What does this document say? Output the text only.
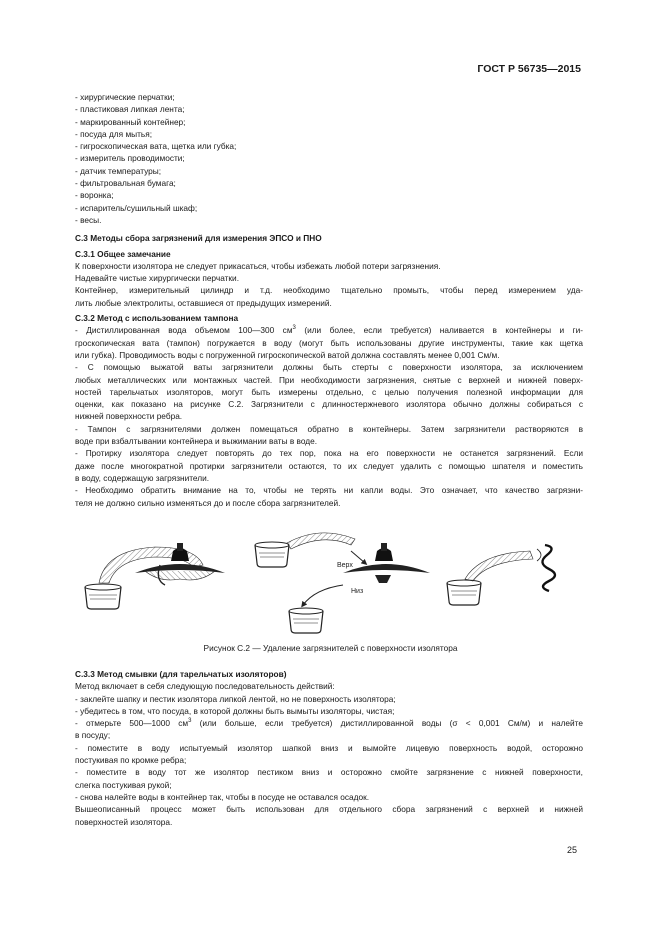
ГОСТ Р 56735—2015
- хирургические перчатки;
- пластиковая липкая лента;
- маркированный контейнер;
- посуда для мытья;
- гигроскопическая вата, щетка или губка;
- измеритель проводимости;
- датчик температуры;
- фильтровальная бумага;
- воронка;
- испаритель/сушильный шкаф;
- весы.
С.3 Методы сбора загрязнений для измерения ЭПСО и ПНО
С.3.1 Общее замечание
К поверхности изолятора не следует прикасаться, чтобы избежать любой потери загрязнения.
Надевайте чистые хирургически перчатки.
Контейнер, измерительный цилиндр и т.д. необходимо тщательно промыть, чтобы перед измерением уда-
лить любые электролиты, оставшиеся от предыдущих измерений.
С.3.2 Метод с использованием тампона
- Дистиллированная вода объемом 100—300 $см^3$ (или более, если требуется) наливается в контейнеры и ги-
гроскопическая вата (тампон) погружается в воду (могут быть использованы другие инструменты, такие как щетка
или губка). Проводимость воды с погруженной гигроскопической ватой должна составлять менее 0,001 См/м.
- С помощью выжатой ваты загрязнители должны быть стерты с поверхности изолятора, за исключением
любых металлических или монтажных частей. При необходимости загрязнения, снятые с верхней и нижней поверх-
ностей тарельчатых изоляторов, могут быть измерены отдельно, с целью получения полезной информации для
оценки, как показано на рисунке С.2. Загрязнители с длинностержневого изолятора обычно должны собираться с
нижней поверхности ребра.
- Тампон с загрязнителями должен помещаться обратно в контейнеры. Затем загрязнители растворяются в
воде при взбалтывании контейнера и выжимании ваты в воде.
- Протирку изолятора следует повторять до тех пор, пока на его поверхности не останется загрязнений. Если
даже после многократной протирки загрязнители остаются, то их следует удалить с помощью шпателя и поместить
в воду, содержащую загрязнители.
- Необходимо обратить внимание на то, чтобы не терять ни капли воды. Это означает, что качество загрязни-
теля не должно сильно изменяться до и после сбора загрязнителей.
Верх
Низ
Рисунок С.2 — Удаление загрязнителей с поверхности изолятора
С.3.3 Метод смывки (для тарельчатых изоляторов)
Метод включает в себя следующую последовательность действий:
- заклейте шапку и пестик изолятора липкой лентой, но не поверхность изолятора;
- убедитесь в том, что посуда, в которой должны быть вымыты изоляторы, чистая;
- отмерьте 500—1000 $см^3$ (или больше, если требуется) дистиллированной воды (σ < 0,001 См/м) и налейте
в посуду;
- поместите в воду испытуемый изолятор шапкой вниз и вымойте лицевую поверхность водой, осторожно
постукивая по кромке ребра;
- поместите в воду тот же изолятор пестиком вниз и осторожно смойте загрязнение с нижней поверхности,
слегка постукивая рукой;
- снова налейте воды в контейнер так, чтобы в посуде не оставался осадок.
Вышеописанный процесс может быть использован для отдельного сбора загрязнений с верхней и нижней
поверхностей изолятора.
25
